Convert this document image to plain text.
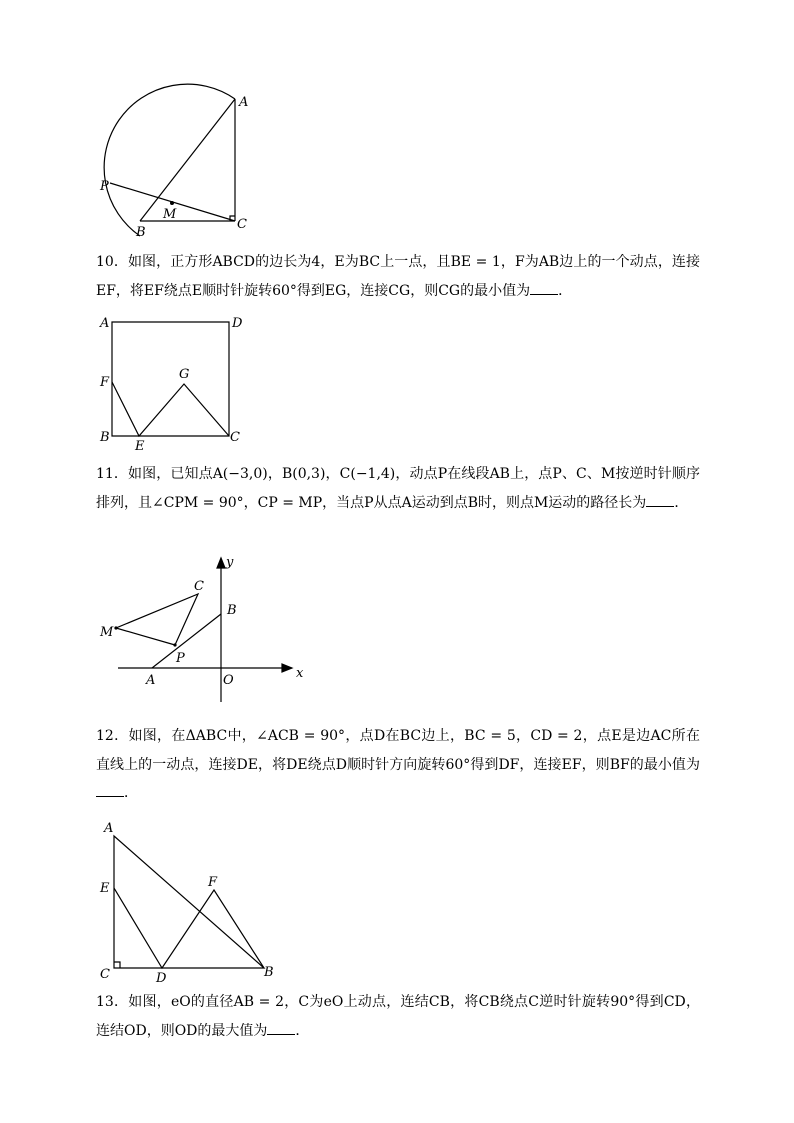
A
P
M
B
C

10．如图，正方形ABCD的边长为4，E为BC上一点，且BE = 1，F为AB边上的一个动点，连接EF，将EF绕点E顺时针旋转60°得到EG，连接CG，则CG的最小值为 ．

A	D
F
G
B
E
C

11．如图，已知点A(−3,0)，B(0,3)，C(−1,4)，动点P在线段AB上，点P、C、M按逆时针顺序排列，且∠CPM = 90°，CP = MP，当点P从点A运动到点B时，则点M运动的路径长为 ．

y
C
B
M
P
x
A	O

12．如图，在ΔABC中，∠ACB = 90°，点D在BC边上，BC = 5，CD = 2，点E是边AC所在直线上的一动点，连接DE，将DE绕点D顺时针方向旋转60°得到DF，连接EF，则BF的最小值为．

A
E	F
C	D	B

13．如图，eO的直径AB = 2，C为eO上动点，连结CB，将CB绕点C逆时针旋转90°得到CD，连结OD，则OD的最大值为 ．
